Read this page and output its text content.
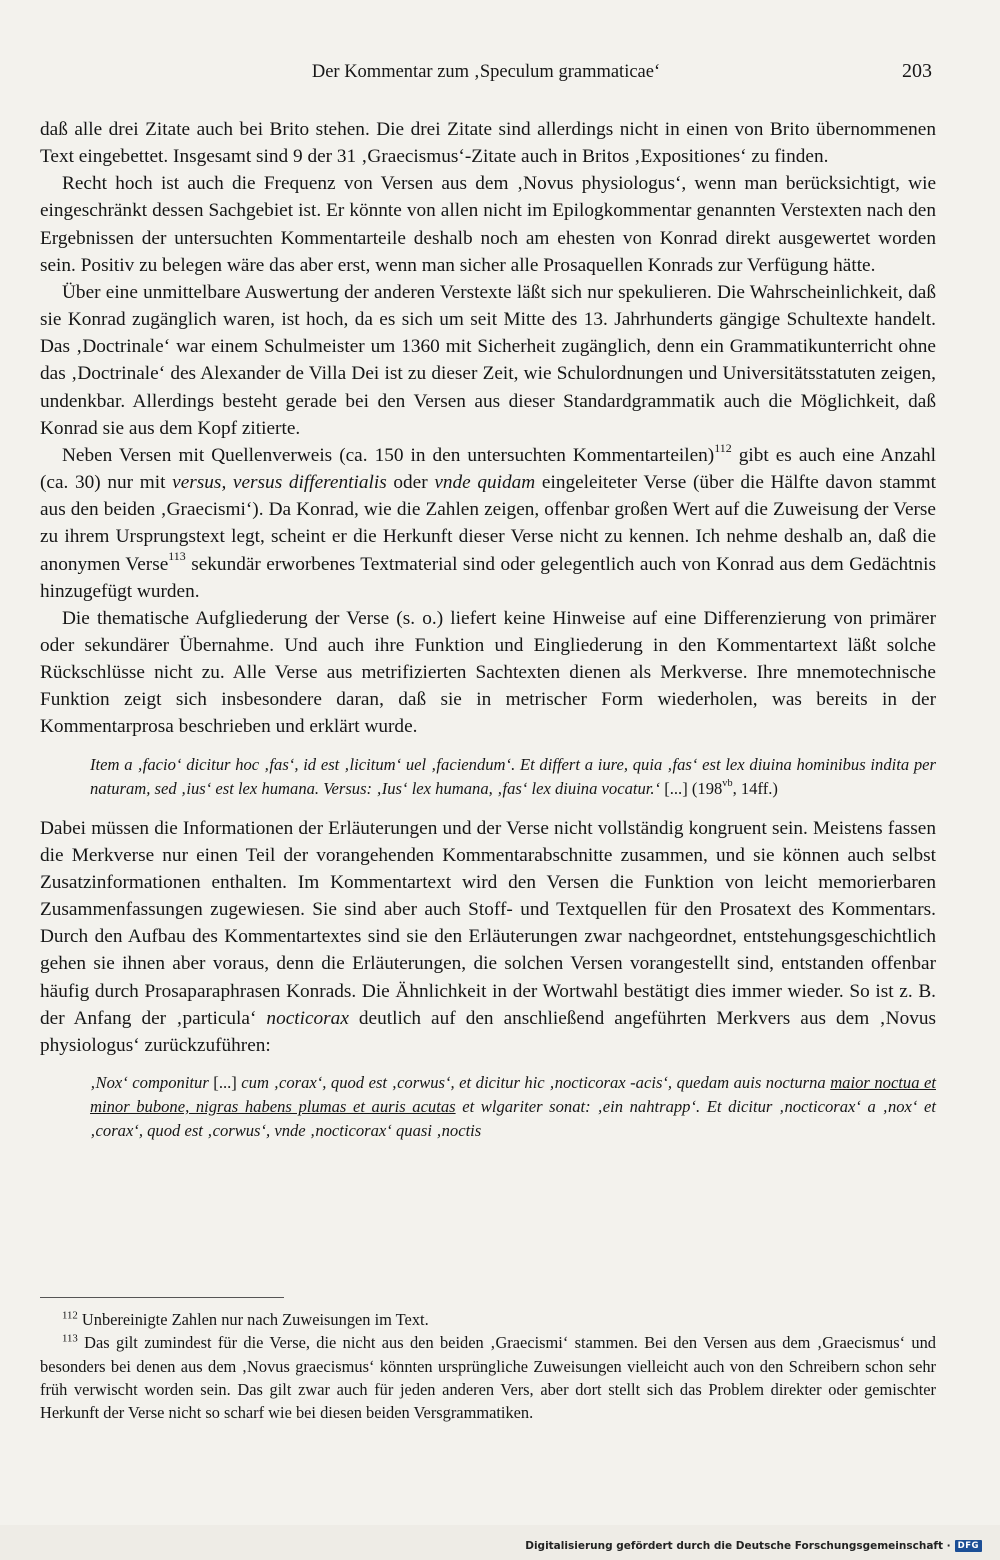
Der Kommentar zum ‚Speculum grammaticae‘	203

daß alle drei Zitate auch bei Brito stehen. Die drei Zitate sind allerdings nicht in einen von Brito übernommenen Text eingebettet. Insgesamt sind 9 der 31 ‚Graecismus‘-Zitate auch in Britos ‚Expositiones‘ zu finden.

Recht hoch ist auch die Frequenz von Versen aus dem ‚Novus physiologus‘, wenn man berücksichtigt, wie eingeschränkt dessen Sachgebiet ist. Er könnte von allen nicht im Epilogkommentar genannten Verstexten nach den Ergebnissen der untersuchten Kommentarteile deshalb noch am ehesten von Konrad direkt ausgewertet worden sein. Positiv zu belegen wäre das aber erst, wenn man sicher alle Prosaquellen Konrads zur Verfügung hätte.

Über eine unmittelbare Auswertung der anderen Verstexte läßt sich nur spekulieren. Die Wahrscheinlichkeit, daß sie Konrad zugänglich waren, ist hoch, da es sich um seit Mitte des 13. Jahrhunderts gängige Schultexte handelt. Das ‚Doctrinale‘ war einem Schulmeister um 1360 mit Sicherheit zugänglich, denn ein Grammatikunterricht ohne das ‚Doctrinale‘ des Alexander de Villa Dei ist zu dieser Zeit, wie Schulordnungen und Universitätsstatuten zeigen, undenkbar. Allerdings besteht gerade bei den Versen aus dieser Standardgrammatik auch die Möglichkeit, daß Konrad sie aus dem Kopf zitierte.

Neben Versen mit Quellenverweis (ca. 150 in den untersuchten Kommentarteilen)$^{112}$ gibt es auch eine Anzahl (ca. 30) nur mit versus, versus differentialis oder vnde quidam eingeleiteter Verse (über die Hälfte davon stammt aus den beiden ‚Graecismi‘). Da Konrad, wie die Zahlen zeigen, offenbar großen Wert auf die Zuweisung der Verse zu ihrem Ursprungstext legt, scheint er die Herkunft dieser Verse nicht zu kennen. Ich nehme deshalb an, daß die anonymen Verse$^{113}$ sekundär erworbenes Textmaterial sind oder gelegentlich auch von Konrad aus dem Gedächtnis hinzugefügt wurden.

Die thematische Aufgliederung der Verse (s. o.) liefert keine Hinweise auf eine Differenzierung von primärer oder sekundärer Übernahme. Und auch ihre Funktion und Eingliederung in den Kommentartext läßt solche Rückschlüsse nicht zu. Alle Verse aus metrifizierten Sachtexten dienen als Merkverse. Ihre mnemotechnische Funktion zeigt sich insbesondere daran, daß sie in metrischer Form wiederholen, was bereits in der Kommentarprosa beschrieben und erklärt wurde.

Item a ‚facio‘ dicitur hoc ‚fas‘, id est ‚licitum‘ uel ‚faciendum‘. Et differt a iure, quia ‚fas‘ est lex diuina hominibus indita per naturam, sed ‚ius‘ est lex humana. Versus: ‚Ius‘ lex humana, ‚fas‘ lex diuina vocatur.‘ [...] ($198^{vb}$, 14ff.)

Dabei müssen die Informationen der Erläuterungen und der Verse nicht vollständig kongruent sein. Meistens fassen die Merkverse nur einen Teil der vorangehenden Kommentarabschnitte zusammen, und sie können auch selbst Zusatzinformationen enthalten. Im Kommentartext wird den Versen die Funktion von leicht memorierbaren Zusammenfassungen zugewiesen. Sie sind aber auch Stoff- und Textquellen für den Prosatext des Kommentars. Durch den Aufbau des Kommentartextes sind sie den Erläuterungen zwar nachgeordnet, entstehungsgeschichtlich gehen sie ihnen aber voraus, denn die Erläuterungen, die solchen Versen vorangestellt sind, entstanden offenbar häufig durch Prosaparaphrasen Konrads. Die Ähnlichkeit in der Wortwahl bestätigt dies immer wieder. So ist z. B. der Anfang der ‚particula‘ nocticorax deutlich auf den anschließend angeführten Merkvers aus dem ‚Novus physiologus‘ zurückzuführen:

‚Nox‘ componitur [...] cum ‚corax‘, quod est ‚corwus‘, et dicitur hic ‚nocticorax -acis‘, quedam auis nocturna maior noctua et minor bubone, nigras habens plumas et auris acutas et wlgariter sonat: ‚ein nahtrapp‘. Et dicitur ‚nocticorax‘ a ‚nox‘ et ‚corax‘, quod est ‚corwus‘, vnde ‚nocticorax‘ quasi ‚noctis

$^{112}$ Unbereinigte Zahlen nur nach Zuweisungen im Text.

$^{113}$ Das gilt zumindest für die Verse, die nicht aus den beiden ‚Graecismi‘ stammen. Bei den Versen aus dem ‚Graecismus‘ und besonders bei denen aus dem ‚Novus graecismus‘ könnten ursprüngliche Zuweisungen vielleicht auch von den Schreibern schon sehr früh verwischt worden sein. Das gilt zwar auch für jeden anderen Vers, aber dort stellt sich das Problem direkter oder gemischter Herkunft der Verse nicht so scharf wie bei diesen beiden Versgrammatiken.

Digitalisierung gefördert durch die Deutsche Forschungsgemeinschaft · DFG
